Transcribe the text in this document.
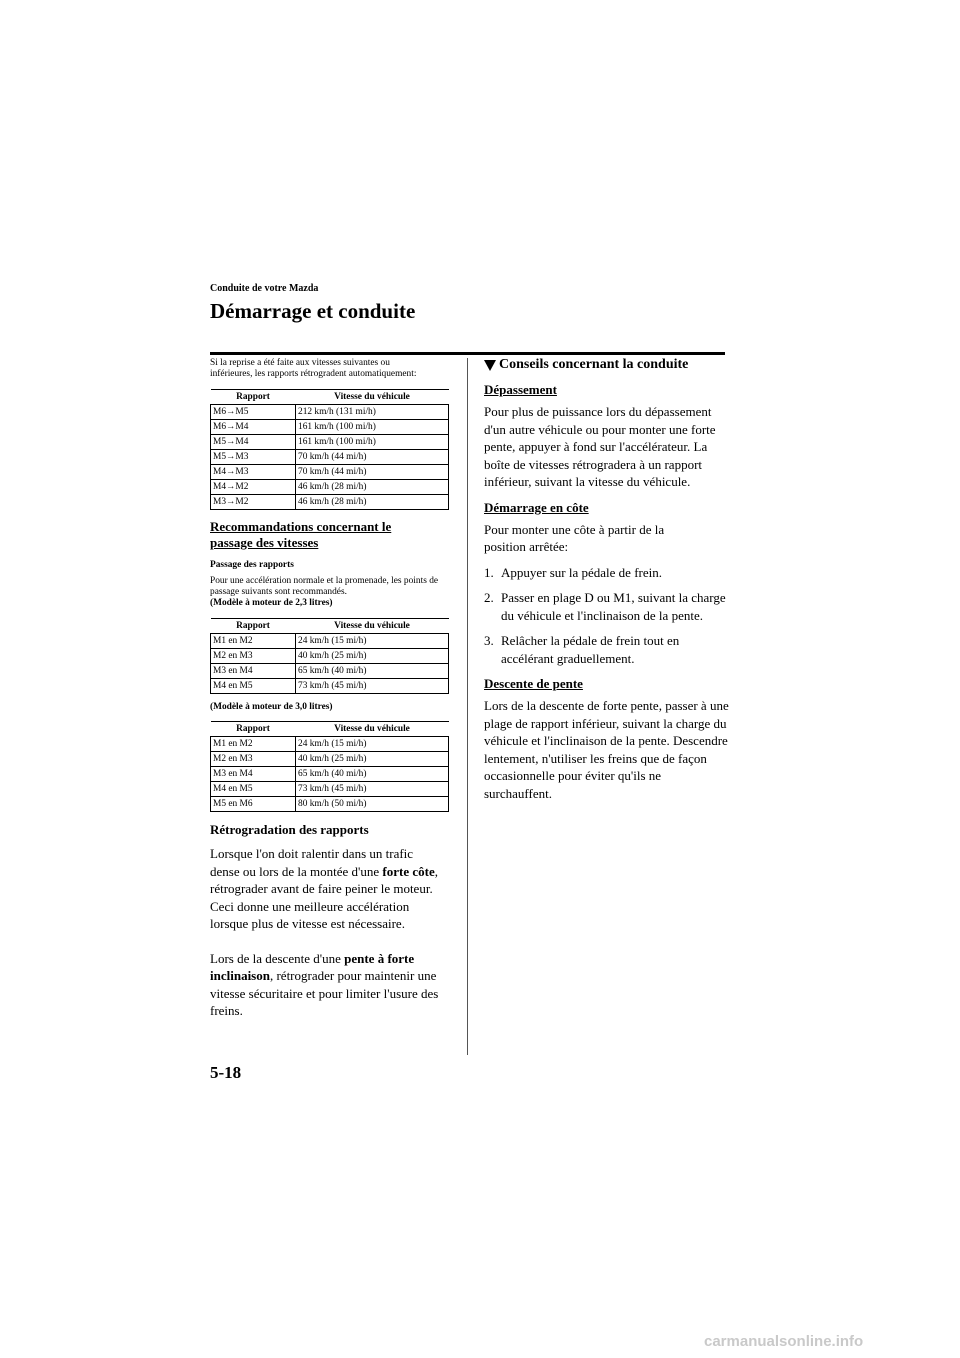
Conduite de votre Mazda

Démarrage et conduite

Si la reprise a été faite aux vitesses suivantes ou inférieures, les rapports rétrogradent automatiquement:

Rapport	Vitesse du véhicule
M6→M5	212 km/h (131 mi/h)
M6→M4	161 km/h (100 mi/h)
M5→M4	161 km/h (100 mi/h)
M5→M3	70 km/h (44 mi/h)
M4→M3	70 km/h (44 mi/h)
M4→M2	46 km/h (28 mi/h)
M3→M2	46 km/h (28 mi/h)

Recommandations concernant le

passage des vitesses

Passage des rapports

Pour une accélération normale et la promenade, les points de passage suivants sont recommandés.

(Modèle à moteur de 2,3 litres)

Rapport	Vitesse du véhicule
M1 en M2	24 km/h (15 mi/h)
M2 en M3	40 km/h (25 mi/h)
M3 en M4	65 km/h (40 mi/h)
M4 en M5	73 km/h (45 mi/h)

(Modèle à moteur de 3,0 litres)

Rapport	Vitesse du véhicule
M1 en M2	24 km/h (15 mi/h)
M2 en M3	40 km/h (25 mi/h)
M3 en M4	65 km/h (40 mi/h)
M4 en M5	73 km/h (45 mi/h)
M5 en M6	80 km/h (50 mi/h)

Rétrogradation des rapports

Lorsque l'on doit ralentir dans un trafic dense ou lors de la montée d'une forte côte, rétrograder avant de faire peiner le moteur. Ceci donne une meilleure accélération lorsque plus de vitesse est nécessaire.

Lors de la descente d'une pente à forte inclinaison, rétrograder pour maintenir une vitesse sécuritaire et pour limiter l'usure des freins.

Conseils concernant la conduite

Dépassement

Pour plus de puissance lors du dépassement d'un autre véhicule ou pour monter une forte pente, appuyer à fond sur l'accélérateur. La boîte de vitesses rétrogradera à un rapport inférieur, suivant la vitesse du véhicule.

Démarrage en côte

Pour monter une côte à partir de la position arrêtée:

1. Appuyer sur la pédale de frein.
2. Passer en plage D ou M1, suivant la charge du véhicule et l'inclinaison de la pente.
3. Relâcher la pédale de frein tout en accélérant graduellement.

Descente de pente

Lors de la descente de forte pente, passer à une plage de rapport inférieur, suivant la charge du véhicule et l'inclinaison de la pente. Descendre lentement, n'utiliser les freins que de façon occasionnelle pour éviter qu'ils ne surchauffent.

5-18
carmanualsonline.info
